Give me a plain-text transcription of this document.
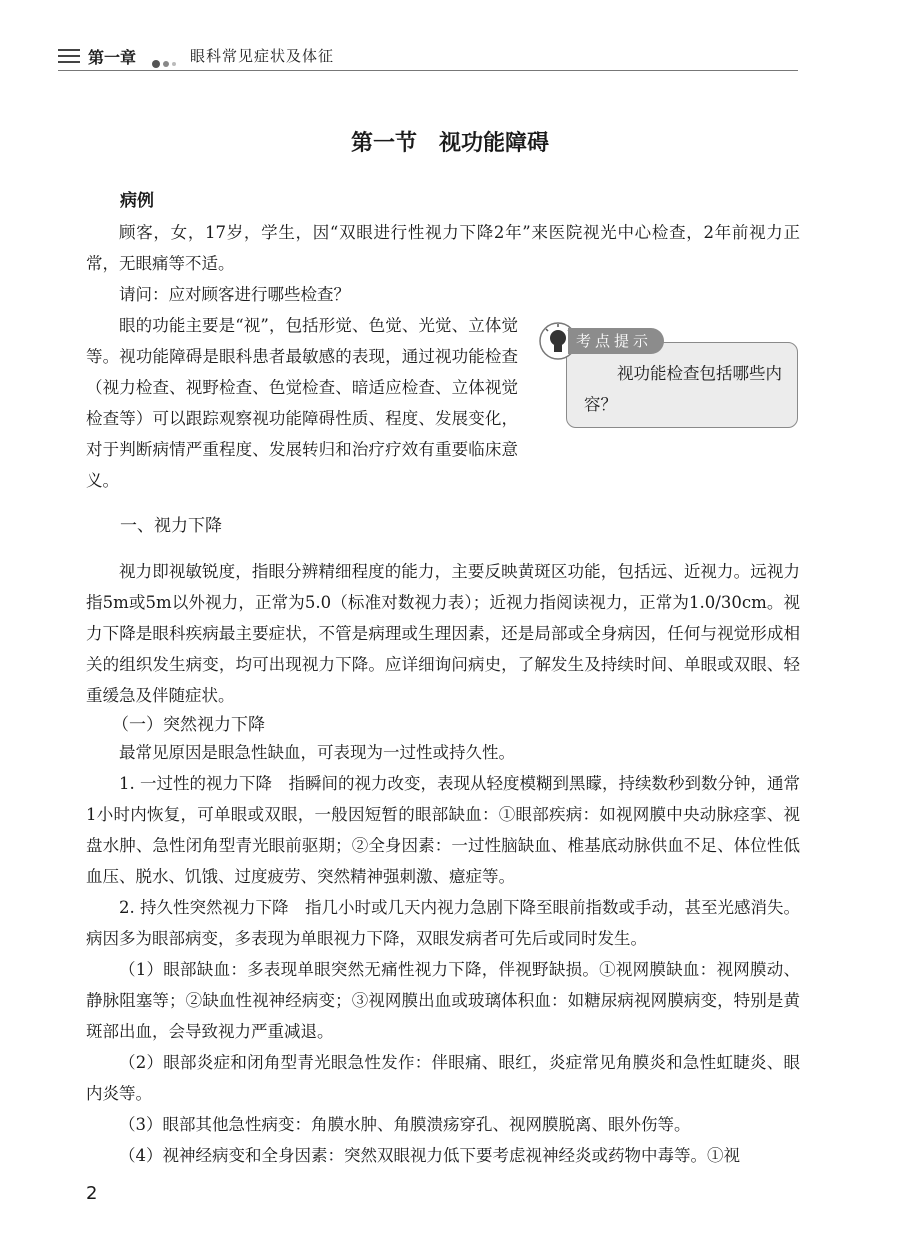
第一章	眼科常见症状及体征
第一节 视功能障碍
病例
顾客，女，17岁，学生，因“双眼进行性视力下降2年”来医院视光中心检查，2年前视力正常，无眼痛等不适。
请问：应对顾客进行哪些检查？
眼的功能主要是“视”，包括形觉、色觉、光觉、立体觉等。视功能障碍是眼科患者最敏感的表现，通过视功能检查（视力检查、视野检查、色觉检查、暗适应检查、立体视觉检查等）可以跟踪观察视功能障碍性质、程度、发展变化，对于判断病情严重程度、发展转归和治疗疗效有重要临床意义。
考点提示
视功能检查包括哪些内容？
一、视力下降
视力即视敏锐度，指眼分辨精细程度的能力，主要反映黄斑区功能，包括远、近视力。远视力指5m或5m以外视力，正常为5.0（标准对数视力表）；近视力指阅读视力，正常为1.0/30cm。视力下降是眼科疾病最主要症状，不管是病理或生理因素，还是局部或全身病因，任何与视觉形成相关的组织发生病变，均可出现视力下降。应详细询问病史，了解发生及持续时间、单眼或双眼、轻重缓急及伴随症状。
（一）突然视力下降
最常见原因是眼急性缺血，可表现为一过性或持久性。
1. 一过性的视力下降　指瞬间的视力改变，表现从轻度模糊到黑矇，持续数秒到数分钟，通常1小时内恢复，可单眼或双眼，一般因短暂的眼部缺血：①眼部疾病：如视网膜中央动脉痉挛、视盘水肿、急性闭角型青光眼前驱期；②全身因素：一过性脑缺血、椎基底动脉供血不足、体位性低血压、脱水、饥饿、过度疲劳、突然精神强刺激、癔症等。
2. 持久性突然视力下降　指几小时或几天内视力急剧下降至眼前指数或手动，甚至光感消失。病因多为眼部病变，多表现为单眼视力下降，双眼发病者可先后或同时发生。
（1）眼部缺血：多表现单眼突然无痛性视力下降，伴视野缺损。①视网膜缺血：视网膜动、静脉阻塞等；②缺血性视神经病变；③视网膜出血或玻璃体积血：如糖尿病视网膜病变，特别是黄斑部出血，会导致视力严重减退。
（2）眼部炎症和闭角型青光眼急性发作：伴眼痛、眼红，炎症常见角膜炎和急性虹睫炎、眼内炎等。
（3）眼部其他急性病变：角膜水肿、角膜溃疡穿孔、视网膜脱离、眼外伤等。
（4）视神经病变和全身因素：突然双眼视力低下要考虑视神经炎或药物中毒等。①视
2
